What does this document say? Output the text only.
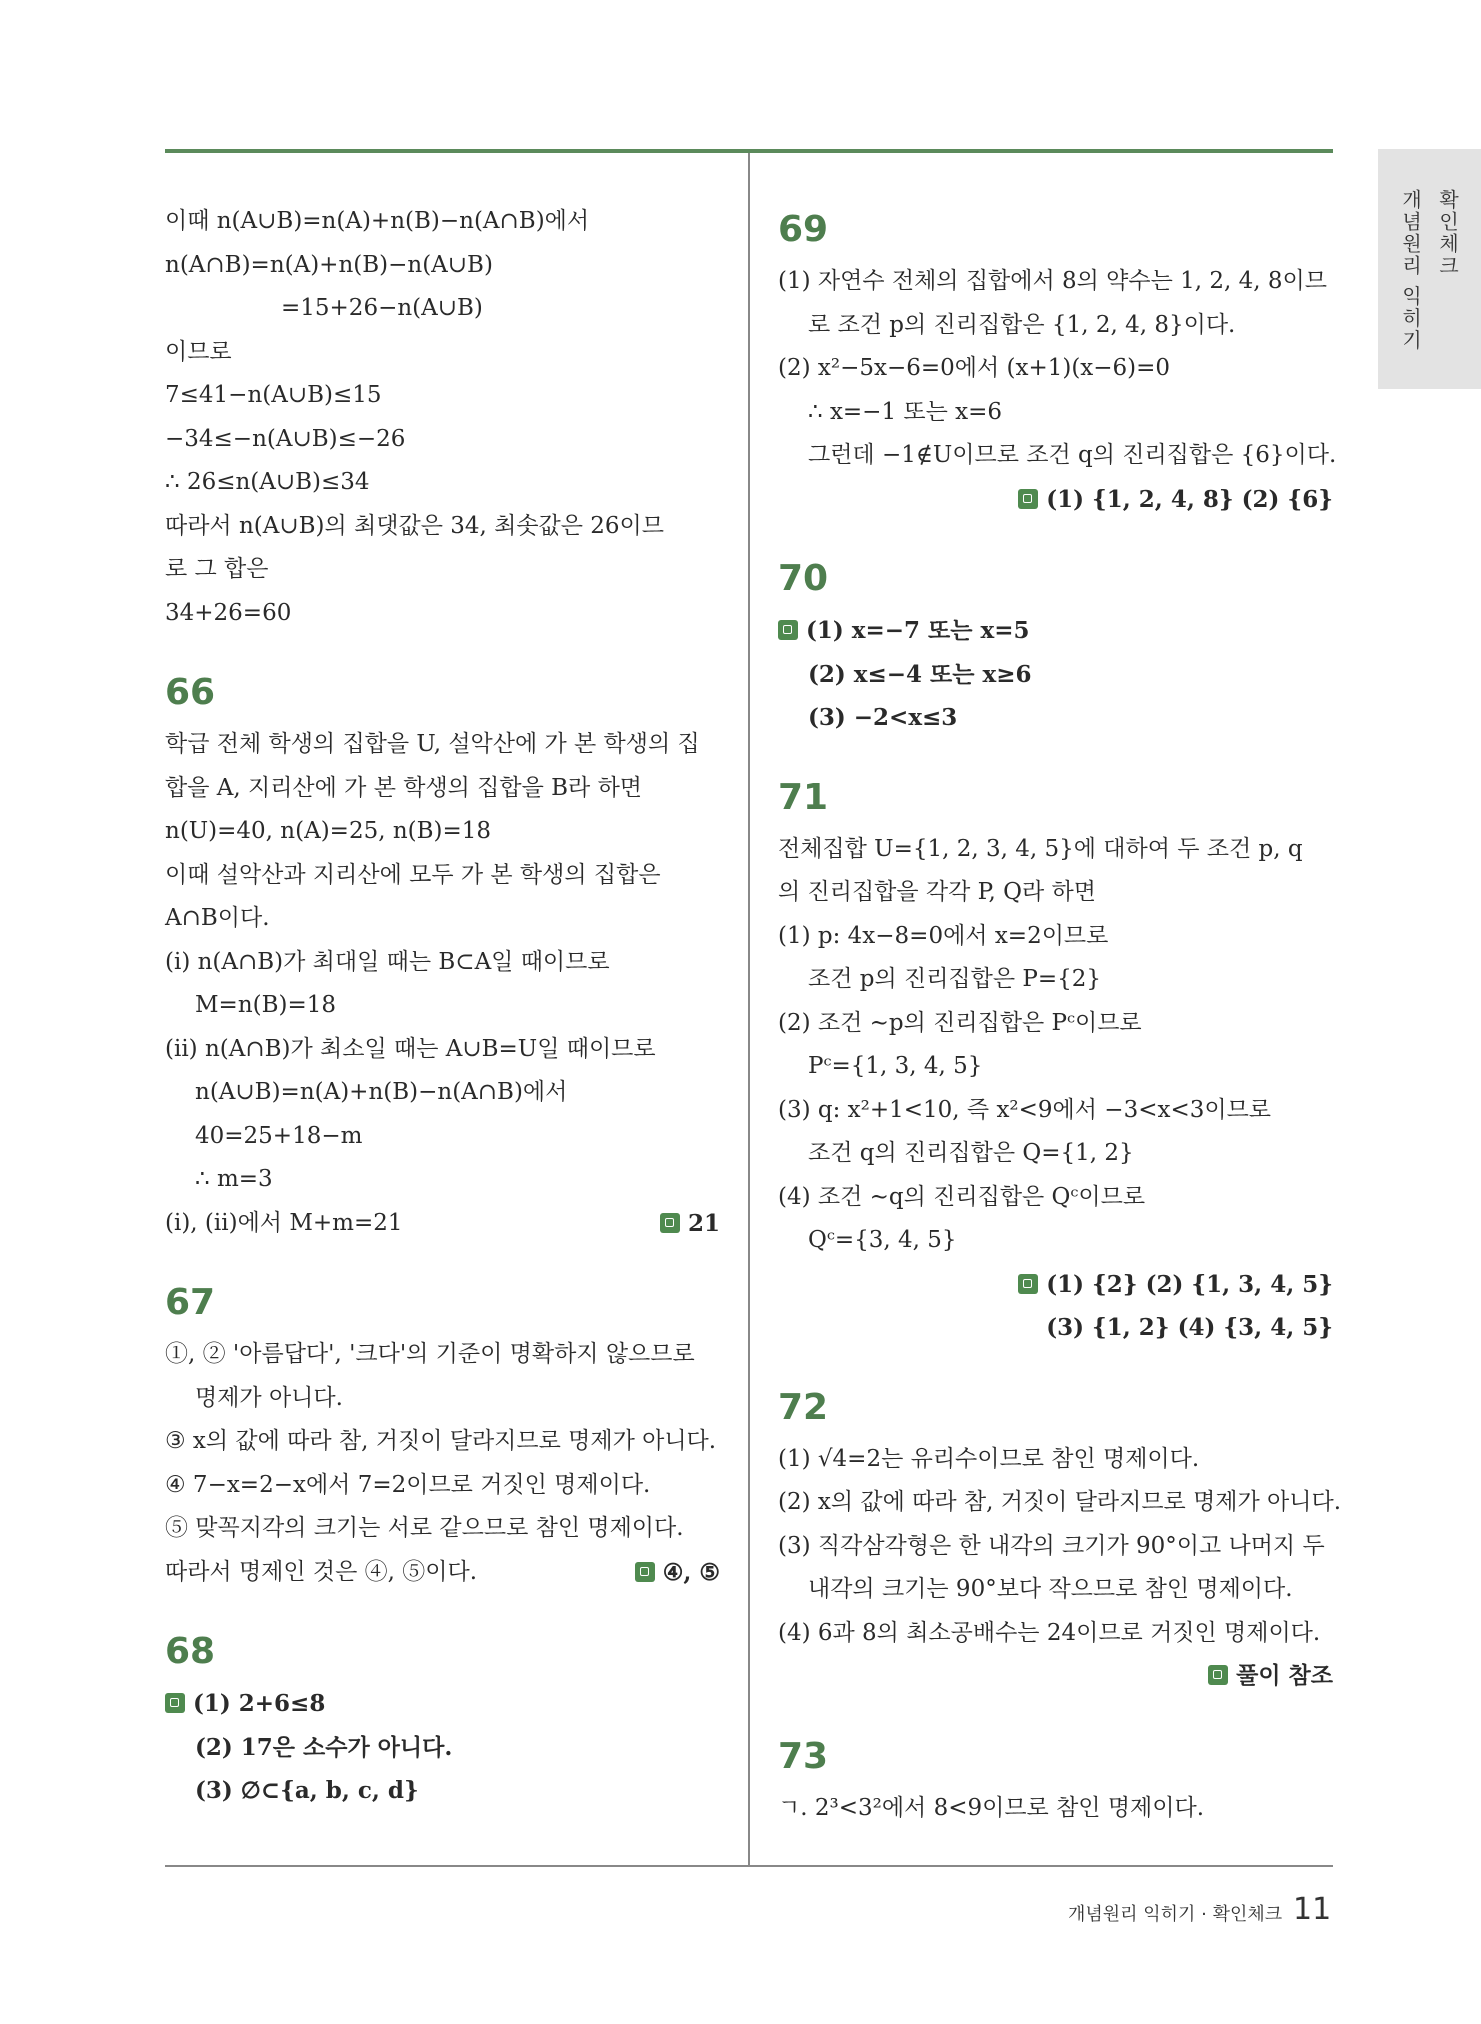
확인체크
개념원리 익히기
이때 n(A∪B)=n(A)+n(B)−n(A∩B)에서
n(A∩B)=n(A)+n(B)−n(A∪B)
=15+26−n(A∪B)
이므로
7≤41−n(A∪B)≤15
−34≤−n(A∪B)≤−26
∴ 26≤n(A∪B)≤34
따라서 n(A∪B)의 최댓값은 34, 최솟값은 26이므
로 그 합은
34+26=60
66
학급 전체 학생의 집합을 U, 설악산에 가 본 학생의 집
합을 A, 지리산에 가 본 학생의 집합을 B라 하면
n(U)=40, n(A)=25, n(B)=18
이때 설악산과 지리산에 모두 가 본 학생의 집합은
A∩B이다.
(i) n(A∩B)가 최대일 때는 B⊂A일 때이므로
M=n(B)=18
(ii) n(A∩B)가 최소일 때는 A∪B=U일 때이므로
n(A∪B)=n(A)+n(B)−n(A∩B)에서
40=25+18−m
∴ m=3
(i), (ii)에서 M+m=21	21
67
①, ② '아름답다', '크다'의 기준이 명확하지 않으므로
명제가 아니다.
③ x의 값에 따라 참, 거짓이 달라지므로 명제가 아니다.
④ 7−x=2−x에서 7=2이므로 거짓인 명제이다.
⑤ 맞꼭지각의 크기는 서로 같으므로 참인 명제이다.
따라서 명제인 것은 ④, ⑤이다.	④, ⑤
68
(1) 2+6≤8
(2) 17은 소수가 아니다.
(3) ∅⊂{a, b, c, d}
69
(1) 자연수 전체의 집합에서 8의 약수는 1, 2, 4, 8이므
로 조건 p의 진리집합은 {1, 2, 4, 8}이다.
(2) x²−5x−6=0에서 (x+1)(x−6)=0
∴ x=−1 또는 x=6
그런데 −1∉U이므로 조건 q의 진리집합은 {6}이다.
(1) {1, 2, 4, 8} (2) {6}
70
(1) x=−7 또는 x=5
(2) x≤−4 또는 x≥6
(3) −2<x≤3
71
전체집합 U={1, 2, 3, 4, 5}에 대하여 두 조건 p, q
의 진리집합을 각각 P, Q라 하면
(1) p: 4x−8=0에서 x=2이므로
조건 p의 진리집합은 P={2}
(2) 조건 ∼p의 진리집합은 Pᶜ이므로
Pᶜ={1, 3, 4, 5}
(3) q: x²+1<10, 즉 x²<9에서 −3<x<3이므로
조건 q의 진리집합은 Q={1, 2}
(4) 조건 ∼q의 진리집합은 Qᶜ이므로
Qᶜ={3, 4, 5}
(1) {2} (2) {1, 3, 4, 5}
(3) {1, 2} (4) {3, 4, 5}
72
(1) √4=2는 유리수이므로 참인 명제이다.
(2) x의 값에 따라 참, 거짓이 달라지므로 명제가 아니다.
(3) 직각삼각형은 한 내각의 크기가 90°이고 나머지 두
내각의 크기는 90°보다 작으므로 참인 명제이다.
(4) 6과 8의 최소공배수는 24이므로 거짓인 명제이다.
풀이 참조
73
ㄱ. 2³<3²에서 8<9이므로 참인 명제이다.
개념원리 익히기 · 확인체크 11
